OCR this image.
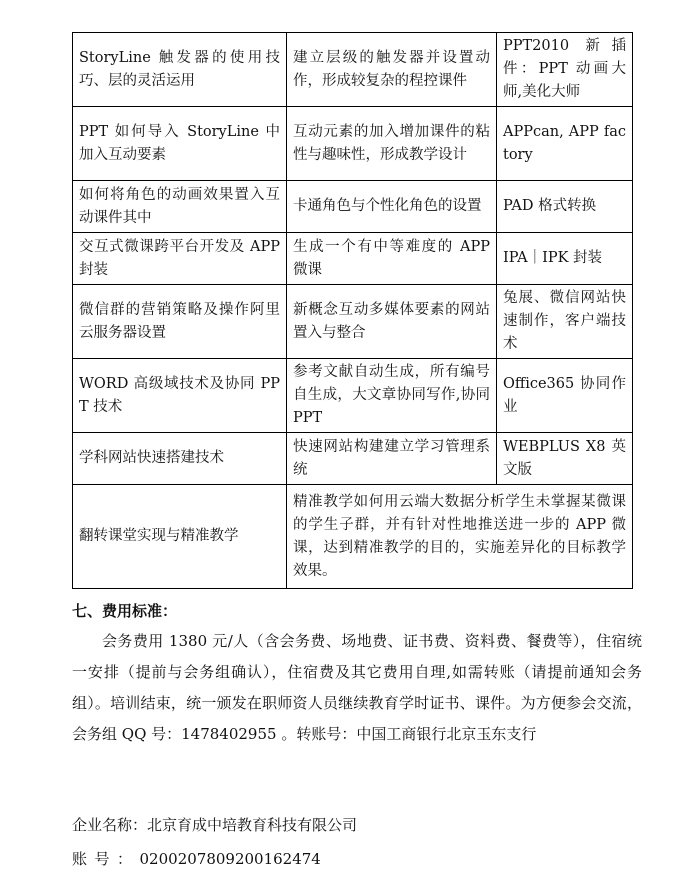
StoryLine 触发器的使用技巧、层的灵活运用	建立层级的触发器并设置动作，形成较复杂的程控课件	PPT2010 新插件：PPT 动画大师,美化大师
PPT 如何导入 StoryLine 中加入互动要素	互动元素的加入增加课件的粘性与趣味性，形成教学设计	APPcan, APP factory
如何将角色的动画效果置入互动课件其中	卡通角色与个性化角色的设置	PAD 格式转换
交互式微课跨平台开发及 APP 封装	生成一个有中等难度的 APP 微课	IPA｜IPK 封装
微信群的营销策略及操作阿里云服务器设置	新概念互动多媒体要素的网站置入与整合	兔展、微信网站快速制作，客户端技术
WORD 高级域技术及协同 PPT 技术	参考文献自动生成，所有编号自生成，大文章协同写作,协同 PPT	Office365 协同作业
学科网站快速搭建技术	快速网站构建建立学习管理系统	WEBPLUS X8 英文版
翻转课堂实现与精准教学	精准教学如何用云端大数据分析学生未掌握某微课的学生子群，并有针对性地推送进一步的 APP 微课，达到精准教学的目的，实施差异化的目标教学效果。	
七、费用标准：
会务费用 1380 元/人（含会务费、场地费、证书费、资料费、餐费等），住宿统一安排（提前与会务组确认），住宿费及其它费用自理,如需转账（请提前通知会务组）。培训结束，统一颁发在职师资人员继续教育学时证书、课件。为方便参会交流，会务组 QQ 号：1478402955 。转账号：中国工商银行北京玉东支行
企业名称：北京育成中培教育科技有限公司
账号：0200207809200162474
